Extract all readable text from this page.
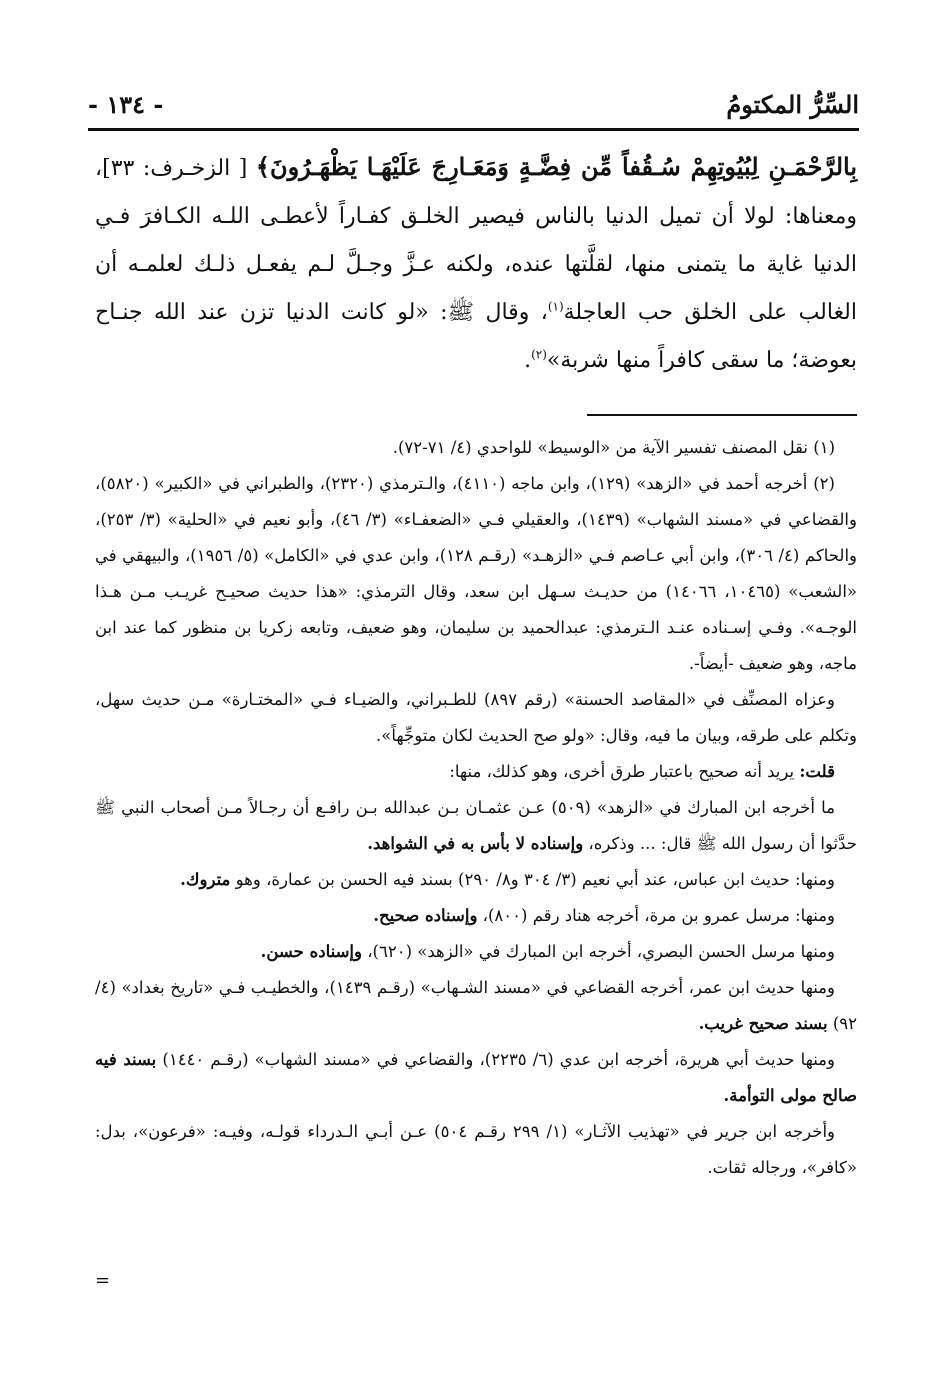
السِّرُّ المكتومُ
- ١٣٤ -

بِالرَّحْمَـنِ لِبُيُوتِهِمْ سُـقُفاً مِّن فِضَّـةٍ وَمَعَـارِجَ عَلَيْهَـا يَظْهَـرُونَ﴾ [ الزخـرف: ٣٣]، ومعناها: لولا أن تميل الدنيا بالناس فيصير الخلـق كفـاراً لأعطـى اللـه الكـافرَ فـي الدنيا غاية ما يتمنى منها، لقلَّتها عنده، ولكنه عـزَّ وجـلَّ لـم يفعـل ذلـك لعلمـه أن الغالب على الخلق حب العاجلة$^{(١)}$، وقال ﷺ: «لو كانت الدنيا تزن عند الله جنـاح بعوضة؛ ما سقى كافراً منها شربة»$^{(٢)}$.

(١) نقل المصنف تفسير الآية من «الوسيط» للواحدي (٤/ ٧١-٧٢).

(٢) أخرجه أحمد في «الزهد» (١٢٩)، وابن ماجه (٤١١٠)، والـترمذي (٢٣٢٠)، والطبراني في «الكبير» (٥٨٢٠)، والقضاعي في «مسند الشهاب» (١٤٣٩)، والعقيلي فـي «الضعفـاء» (٣/ ٤٦)، وأبو نعيم في «الحلية» (٣/ ٢٥٣)، والحاكم (٤/ ٣٠٦)، وابن أبي عـاصم فـي «الزهـد» (رقـم ١٢٨)، وابن عدي في «الكامل» (٥/ ١٩٥٦)، والبيهقي في «الشعب» (١٠٤٦٥، ١٤٠٦٦) من حديـث سـهل ابن سعد، وقال الترمذي: «هذا حديث صحيـح غريـب مـن هـذا الوجـه». وفـي إسـناده عنـد الـترمذي: عبدالحميد بن سليمان، وهو ضعيف، وتابعه زكريا بن منظور كما عند ابن ماجه، وهو ضعيف -أيضاً-.

وعزاه المصنِّف في «المقاصد الحسنة» (رقم ٨٩٧) للطـبراني، والضيـاء فـي «المختـارة» مـن حديث سهل، وتكلم على طرقه، وبيان ما فيه، وقال: «ولو صح الحديث لكان متوجِّهاً».

قلت: يريد أنه صحيح باعتبار طرق أخرى، وهو كذلك، منها:

ما أخرجه ابن المبارك في «الزهد» (٥٠٩) عـن عثمـان بـن عبدالله بـن رافـع أن رجـالاً مـن أصحاب النبي ﷺ حدَّثوا أن رسول الله ﷺ قال: ... وذكره، وإسناده لا بأس به في الشواهد.

ومنها: حديث ابن عباس، عند أبي نعيم (٣/ ٣٠٤ و٨/ ٢٩٠) بسند فيه الحسن بن عمارة، وهو متروك.

ومنها: مرسل عمرو بن مرة، أخرجه هناد رقم (٨٠٠)، وإسناده صحيح.

ومنها مرسل الحسن البصري، أخرجه ابن المبارك في «الزهد» (٦٢٠)، وإسناده حسن.

ومنها حديث ابن عمر، أخرجه القضاعي في «مسند الشـهاب» (رقـم ١٤٣٩)، والخطيـب فـي «تاريخ بغداد» (٤/ ٩٢) بسند صحيح غريب.

ومنها حديث أبي هريرة، أخرجه ابن عدي (٦/ ٢٢٣٥)، والقضاعي في «مسند الشهاب» (رقـم ١٤٤٠) بسند فيه صالح مولى التوأمة.

وأخرجه ابن جرير في «تهذيب الآثـار» (١/ ٢٩٩ رقـم ٥٠٤) عـن أبـي الـدرداء قولـه، وفيـه: «فرعون»، بدل: «كافر»، ورجاله ثقات.

=
